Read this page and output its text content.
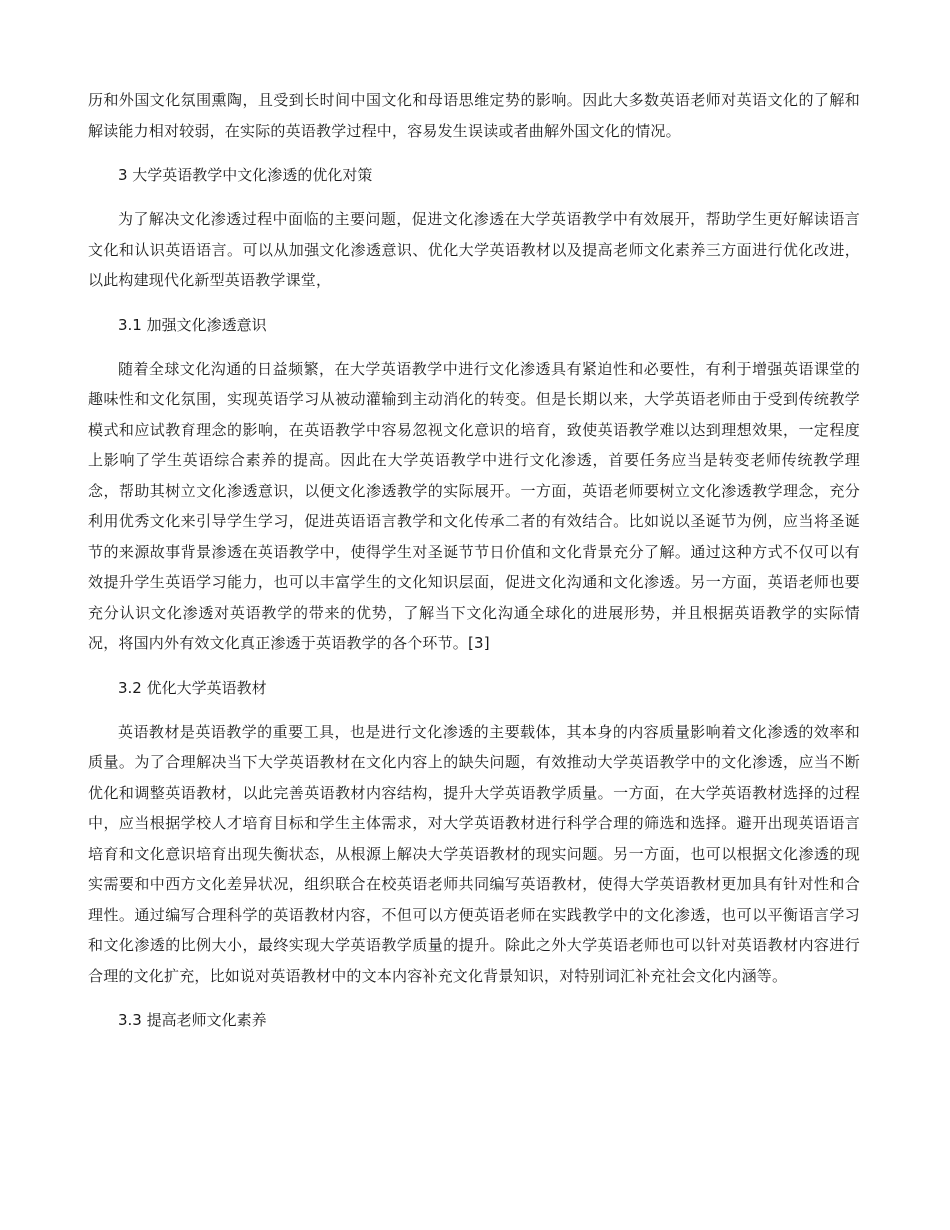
历和外国文化氛围熏陶，且受到长时间中国文化和母语思维定势的影响。因此大多数英语老师对英语文化的了解和解读能力相对较弱，在实际的英语教学过程中，容易发生误读或者曲解外国文化的情况。

3 大学英语教学中文化渗透的优化对策

为了解决文化渗透过程中面临的主要问题，促进文化渗透在大学英语教学中有效展开，帮助学生更好解读语言文化和认识英语语言。可以从加强文化渗透意识、优化大学英语教材以及提高老师文化素养三方面进行优化改进，以此构建现代化新型英语教学课堂，

3.1 加强文化渗透意识

随着全球文化沟通的日益频繁，在大学英语教学中进行文化渗透具有紧迫性和必要性，有利于增强英语课堂的趣味性和文化氛围，实现英语学习从被动灌输到主动消化的转变。但是长期以来，大学英语老师由于受到传统教学模式和应试教育理念的影响，在英语教学中容易忽视文化意识的培育，致使英语教学难以达到理想效果，一定程度上影响了学生英语综合素养的提高。因此在大学英语教学中进行文化渗透，首要任务应当是转变老师传统教学理念，帮助其树立文化渗透意识，以便文化渗透教学的实际展开。一方面，英语老师要树立文化渗透教学理念，充分利用优秀文化来引导学生学习，促进英语语言教学和文化传承二者的有效结合。比如说以圣诞节为例，应当将圣诞节的来源故事背景渗透在英语教学中，使得学生对圣诞节节日价值和文化背景充分了解。通过这种方式不仅可以有效提升学生英语学习能力，也可以丰富学生的文化知识层面，促进文化沟通和文化渗透。另一方面，英语老师也要充分认识文化渗透对英语教学的带来的优势，了解当下文化沟通全球化的进展形势，并且根据英语教学的实际情况，将国内外有效文化真正渗透于英语教学的各个环节。[3]

3.2 优化大学英语教材

英语教材是英语教学的重要工具，也是进行文化渗透的主要载体，其本身的内容质量影响着文化渗透的效率和质量。为了合理解决当下大学英语教材在文化内容上的缺失问题，有效推动大学英语教学中的文化渗透，应当不断优化和调整英语教材，以此完善英语教材内容结构，提升大学英语教学质量。一方面，在大学英语教材选择的过程中，应当根据学校人才培育目标和学生主体需求，对大学英语教材进行科学合理的筛选和选择。避开出现英语语言培育和文化意识培育出现失衡状态，从根源上解决大学英语教材的现实问题。另一方面，也可以根据文化渗透的现实需要和中西方文化差异状况，组织联合在校英语老师共同编写英语教材，使得大学英语教材更加具有针对性和合理性。通过编写合理科学的英语教材内容，不但可以方便英语老师在实践教学中的文化渗透，也可以平衡语言学习和文化渗透的比例大小，最终实现大学英语教学质量的提升。除此之外大学英语老师也可以针对英语教材内容进行合理的文化扩充，比如说对英语教材中的文本内容补充文化背景知识，对特别词汇补充社会文化内涵等。

3.3 提高老师文化素养
